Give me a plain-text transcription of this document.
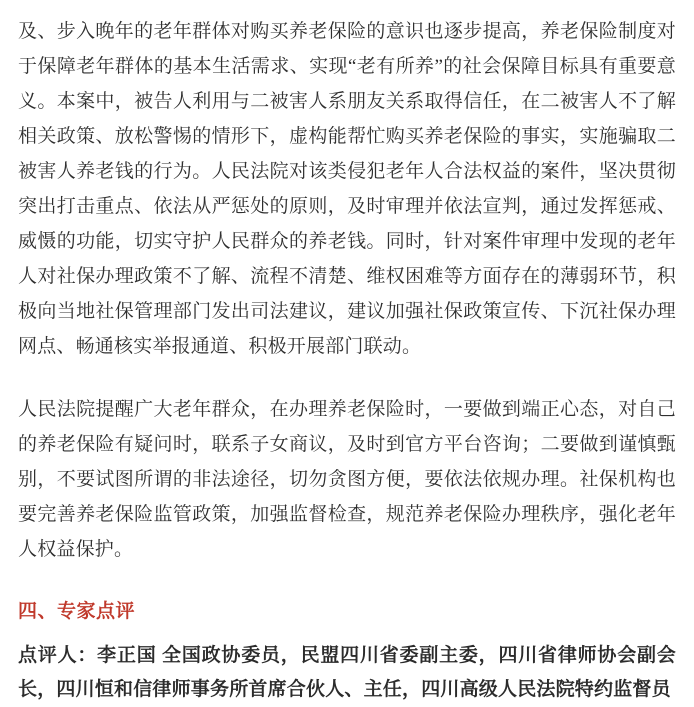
及、步入晚年的老年群体对购买养老保险的意识也逐步提高，养老保险制度对于保障老年群体的基本生活需求、实现“老有所养”的社会保障目标具有重要意义。本案中，被告人利用与二被害人系朋友关系取得信任，在二被害人不了解相关政策、放松警惕的情形下，虚构能帮忙购买养老保险的事实，实施骗取二被害人养老钱的行为。人民法院对该类侵犯老年人合法权益的案件，坚决贯彻突出打击重点、依法从严惩处的原则，及时审理并依法宣判，通过发挥惩戒、威慑的功能，切实守护人民群众的养老钱。同时，针对案件审理中发现的老年人对社保办理政策不了解、流程不清楚、维权困难等方面存在的薄弱环节，积极向当地社保管理部门发出司法建议，建议加强社保政策宣传、下沉社保办理网点、畅通核实举报通道、积极开展部门联动。

人民法院提醒广大老年群众，在办理养老保险时，一要做到端正心态，对自己的养老保险有疑问时，联系子女商议，及时到官方平台咨询；二要做到谨慎甄别，不要试图所谓的非法途径，切勿贪图方便，要依法依规办理。社保机构也要完善养老保险监管政策，加强监督检查，规范养老保险办理秩序，强化老年人权益保护。

四、专家点评

点评人：李正国 全国政协委员，民盟四川省委副主委，四川省律师协会副会长，四川恒和信律师事务所首席合伙人、主任，四川高级人民法院特约监督员
